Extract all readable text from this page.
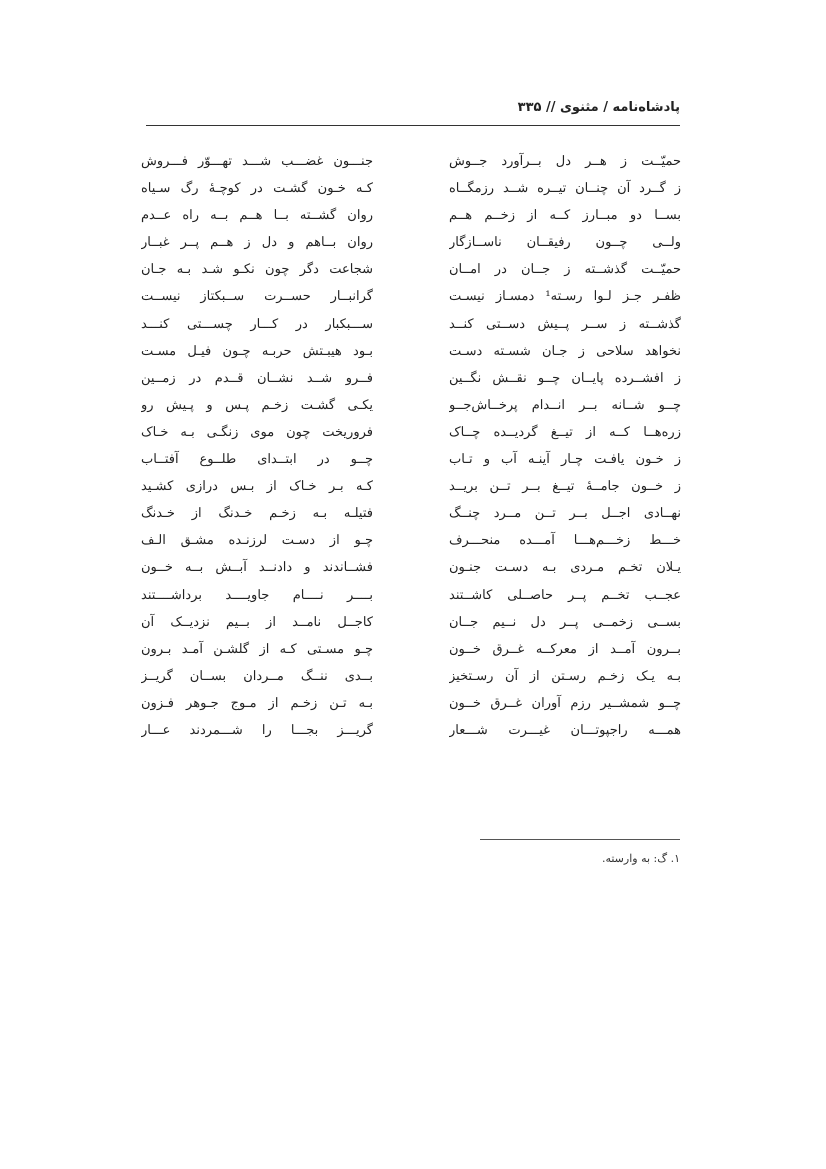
پادشاه‌نامه / مثنوی // ۳۳۵
حمیّــت ز هــر دل بــرآورد جــوش
ز گــرد آن چنــان تیــره شــد رزمگــاه
بســا دو مبــارز کــه از زخــم هــم
ولــی چــون رفیقــان ناســازگار
حمیّــت گذشــته ز جــان در امــان
ظفـر جـز لـوا رسـته¹ دمسـاز نیسـت
گذشــته ز ســر پــیش دســتی کنــد
نخواهد سلاحی ز جـان شسـته دسـت
ز افشــرده پایــان چــو نقــش نگــین
چــو شــانه بــر انــدام پرخــاش‌جــو
زره‌هــا کــه از تیــغ گردیــده چــاک
ز خـون یافـت چـار آینـه آب و تـاب
ز خــون جامــهٔ تیــغ بــر تــن بریــد
نهــادی اجــل بــر تــن مــرد چنــگ
خـــط زخـــم‌هـــا آمـــده منحـــرف
یـلان تخـم مـردی بـه دسـت جنـون
عجــب تخــم پــر حاصــلی کاشــتند
بســی زخمــی پــر دل نــیم جــان
بــرون آمــد از معرکــه غــرق خــون
بـه یـک زخـم رسـتن از آن رسـتخیز
چــو شمشــیر رزم آوران غــرق خــون
همـــه راجپوتـــان غیـــرت شـــعار
جنـــون غضـــب شـــد تهـــوّر فـــروش
کـه خـون گشـت در کوچـهٔ رگ سـیاه
روان گشــته بــا هــم بــه راه عــدم
روان بــاهم و دل ز هــم پــر غبــار
شجاعت دگر چون نکـو شـد بـه جـان
گرانبــار حســرت ســبکتاز نیســت
ســـبکبار در کـــار چســـتی کنـــد
بـود هیبـتش حربـه چـون فیـل مسـت
فــرو شــد نشــان قــدم در زمــین
یکـی گشـت زخـم پـس و پـیش رو
فروریخت چون موی زنگـی بـه خـاک
چــو در ابتــدای طلــوع آفتــاب
کـه بـر خـاک از بـس درازی کشـید
فتیلـه بـه زخـم خـدنگ از خـدنگ
چـو از دسـت لرزنـده مشـق الـف
فشــاندند و دادنــد آبــش بــه خــون
بــــر نــــام جاویــــد برداشــــتند
کاجــل نامــد از بــیم نزدیــک آن
چـو مسـتی کـه از گلشـن آمـد بـرون
بــدی ننــگ مــردان بســان گریــز
بـه تـن زخـم از مـوج جـوهر فـزون
گریـــز بجـــا را شـــمردند عـــار
۱. گ: به وارسته.
